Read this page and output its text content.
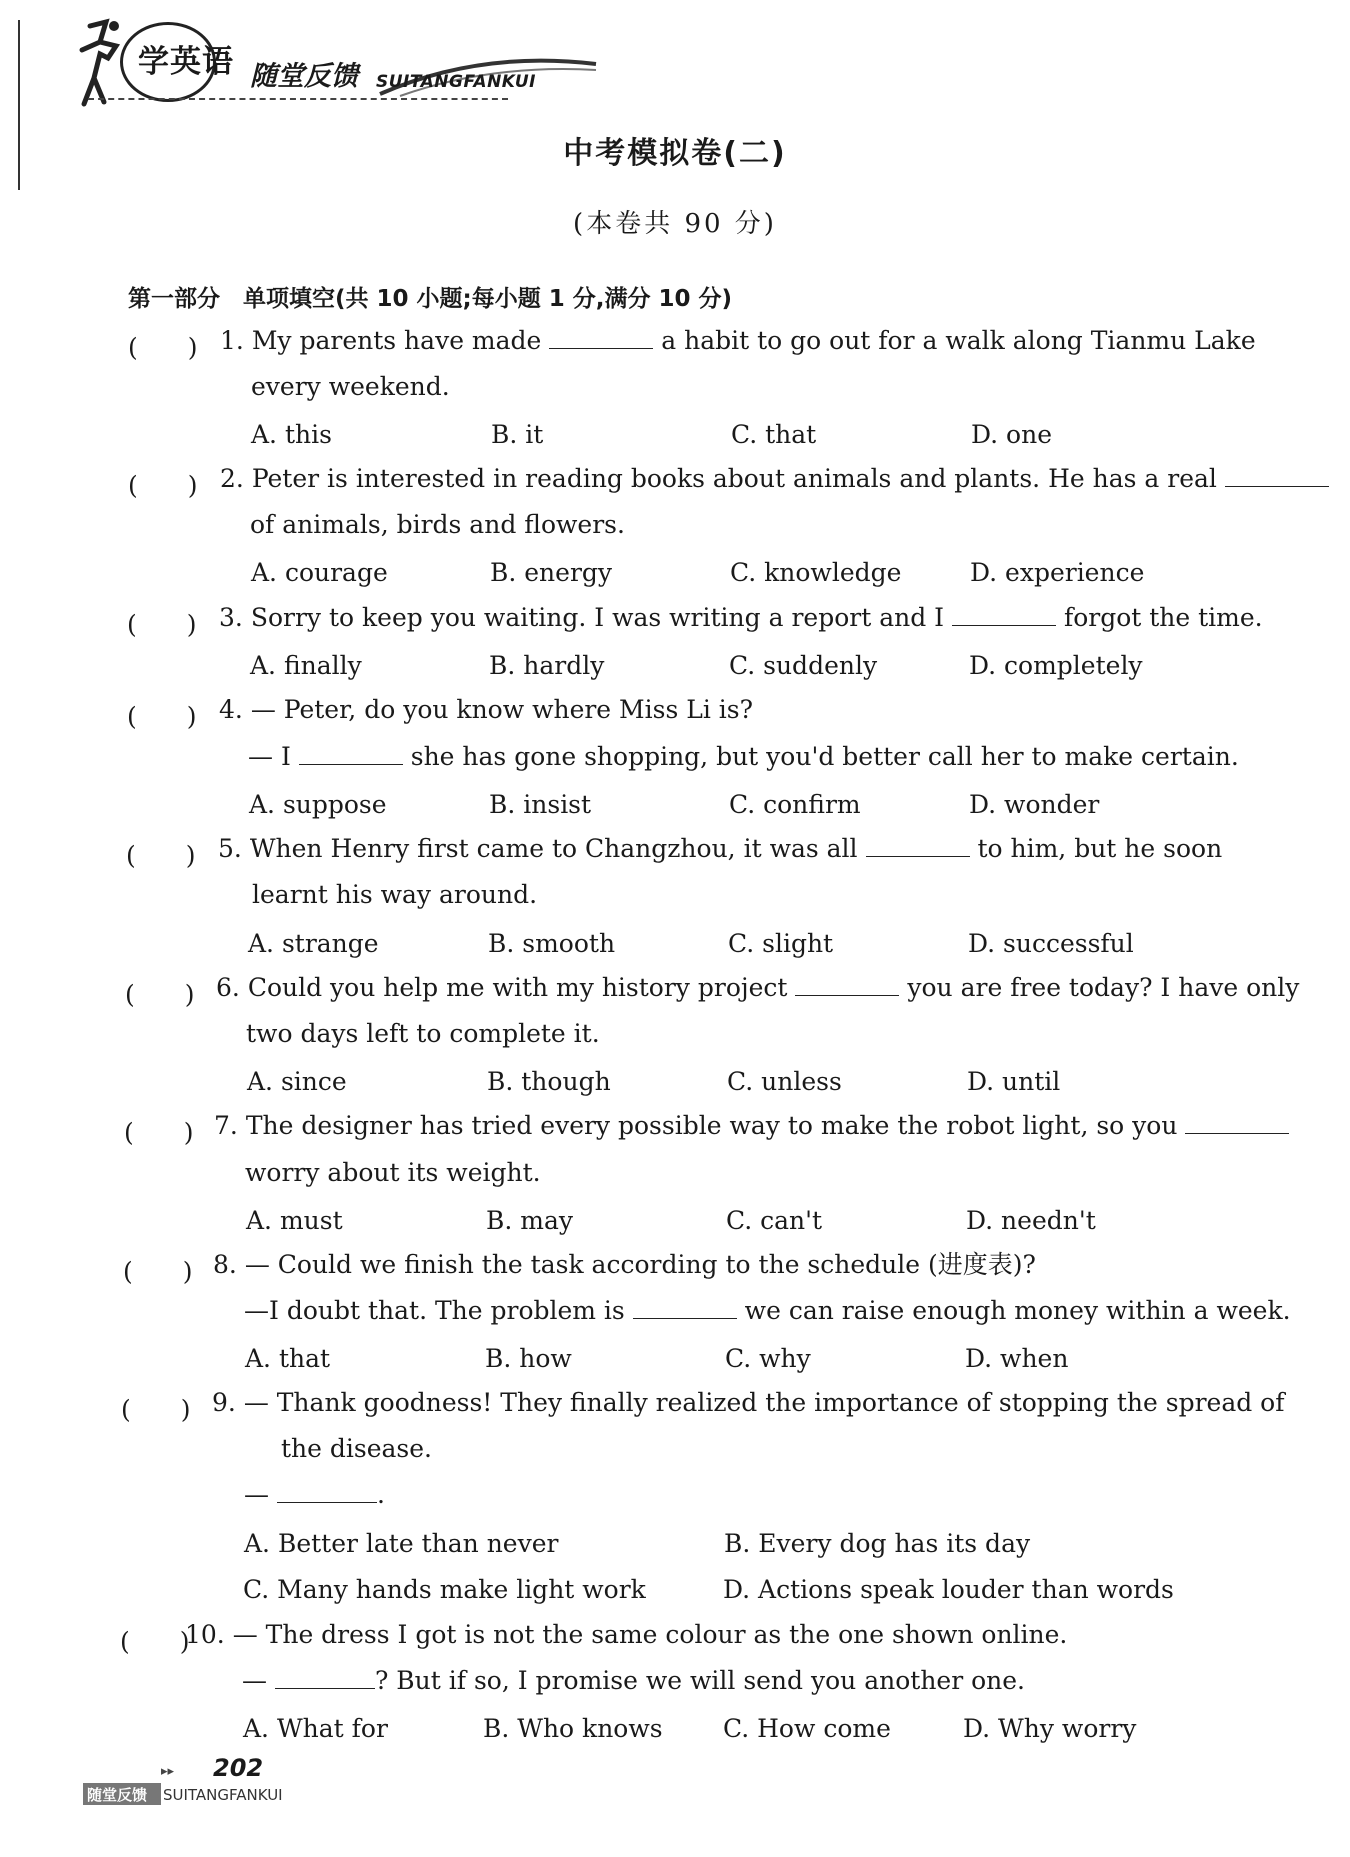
学英语 随堂反馈 SUITANGFANKUI
中考模拟卷(二)
(本卷共 90 分)
第一部分　单项填空(共 10 小题;每小题 1 分,满分 10 分)
(　　) 1. My parents have made	a habit to go out for a walk along Tianmu Lake
every weekend.
A. this	B. it	C. that	D. one
(　　) 2. Peter is interested in reading books about animals and plants. He has a real
of animals, birds and flowers.
A. courage	B. energy	C. knowledge	D. experience
(　　) 3. Sorry to keep you waiting. I was writing a report and I	forgot the time.
A. finally	B. hardly	C. suddenly	D. completely
(　　) 4. — Peter, do you know where Miss Li is?
— I	she has gone shopping, but you'd better call her to make certain.
A. suppose	B. insist	C. confirm	D. wonder
(　　) 5. When Henry first came to Changzhou, it was all	to him, but he soon
learnt his way around.
A. strange	B. smooth	C. slight	D. successful
(　　) 6. Could you help me with my history project	you are free today? I have only
two days left to complete it.
A. since	B. though	C. unless	D. until
(　　) 7. The designer has tried every possible way to make the robot light, so you
worry about its weight.
A. must	B. may	C. can't	D. needn't
(　　) 8. — Could we finish the task according to the schedule (进度表)?
—I doubt that. The problem is	we can raise enough money within a week.
A. that	B. how	C. why	D. when
(　　) 9. — Thank goodness! They finally realized the importance of stopping the spread of
the disease.
—	.
A. Better late than never	B. Every dog has its day
C. Many hands make light work	D. Actions speak louder than words
(　　)
10. — The dress I got is not the same colour as the one shown online.
—	? But if so, I promise we will send you another one.
A. What for	B. Who knows C. How come	D. Why worry
▸▸ 202
随堂反馈 SUITANGFANKUI
